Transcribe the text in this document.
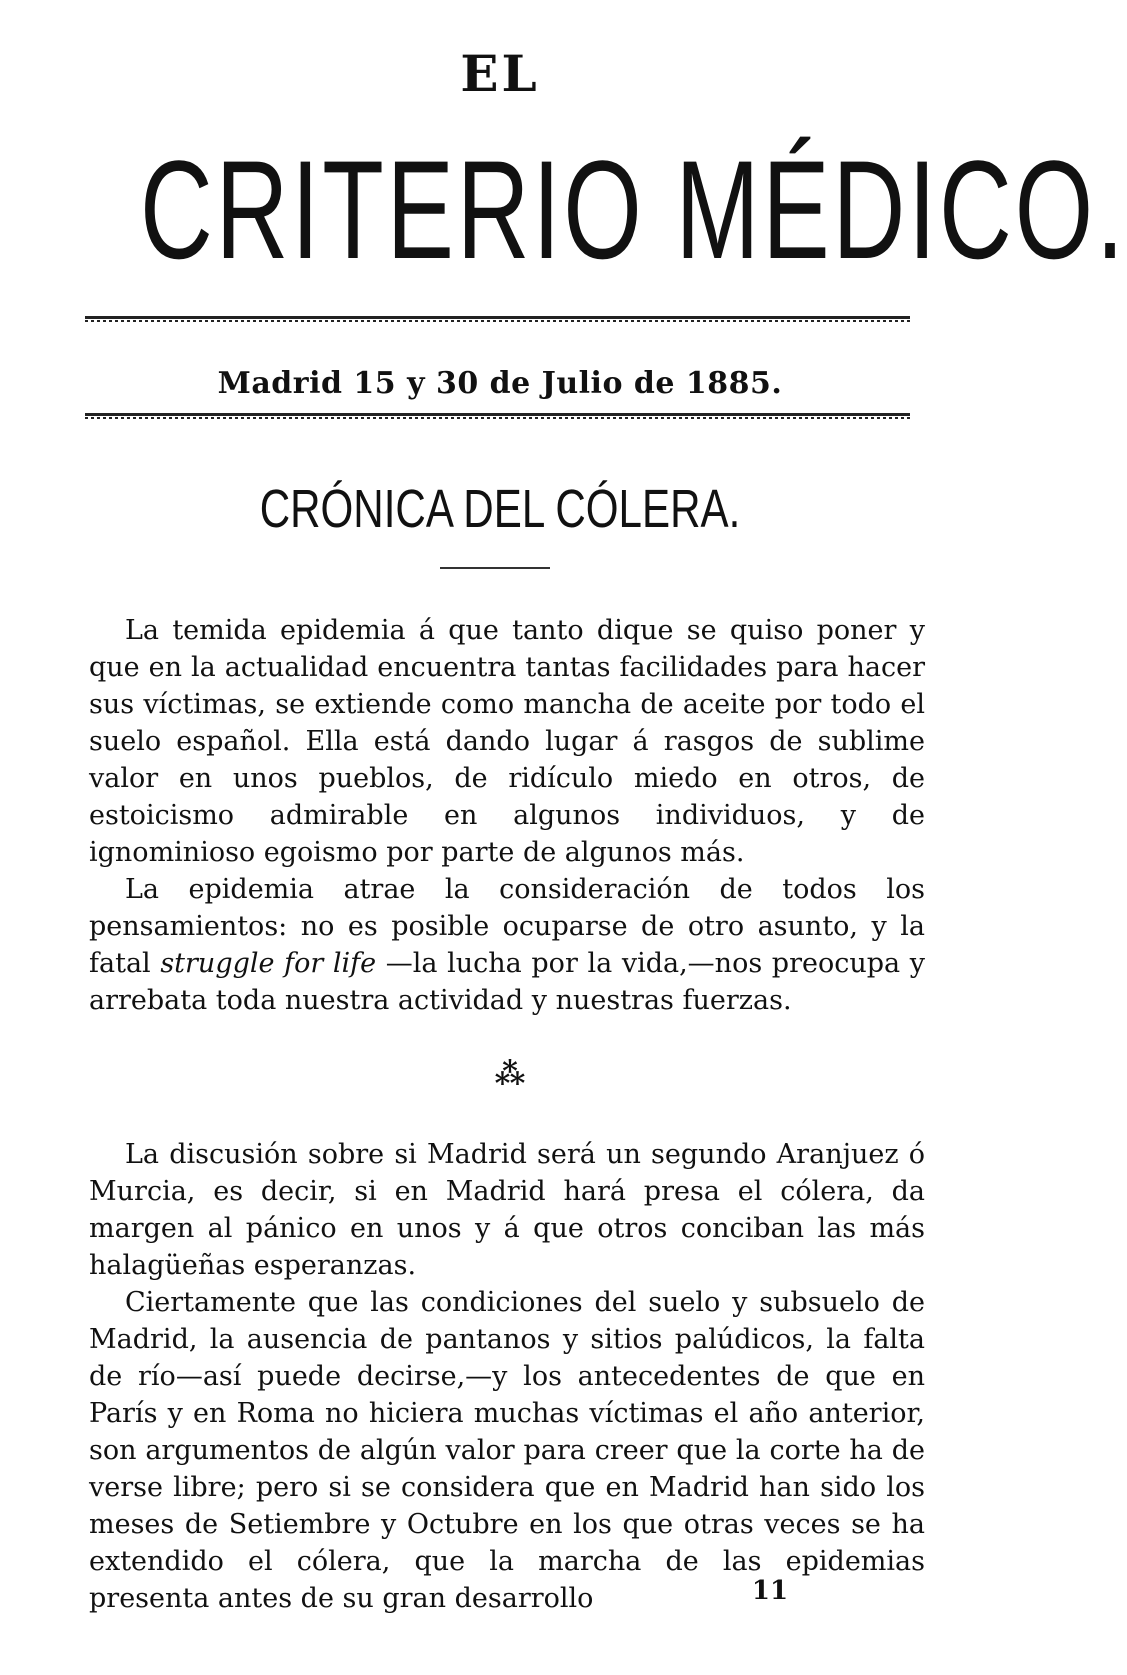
EL
CRITERIO MÉDICO.
Madrid 15 y 30 de Julio de 1885.
CRÓNICA DEL CÓLERA.

La temida epidemia á que tanto dique se quiso poner y que en la actualidad encuentra tantas facilidades para hacer sus víctimas, se extiende como mancha de aceite por todo el suelo español. Ella está dando lugar á rasgos de sublime valor en unos pueblos, de ridículo miedo en otros, de estoicismo admirable en algunos individuos, y de ignominioso egoismo por parte de algunos más.

La epidemia atrae la consideración de todos los pensamientos: no es posible ocuparse de otro asunto, y la fatal struggle for life —la lucha por la vida,—nos preocupa y arrebata toda nuestra actividad y nuestras fuerzas.

⁂

La discusión sobre si Madrid será un segundo Aranjuez ó Murcia, es decir, si en Madrid hará presa el cólera, da margen al pánico en unos y á que otros conciban las más halagüeñas esperanzas.

Ciertamente que las condiciones del suelo y subsuelo de Madrid, la ausencia de pantanos y sitios palúdicos, la falta de río—así puede decirse,—y los antecedentes de que en París y en Roma no hiciera muchas víctimas el año anterior, son argumentos de algún valor para creer que la corte ha de verse libre; pero si se considera que en Madrid han sido los meses de Setiembre y Octubre en los que otras veces se ha extendido el cólera, que la marcha de las epidemias presenta antes de su gran desarrollo	11
